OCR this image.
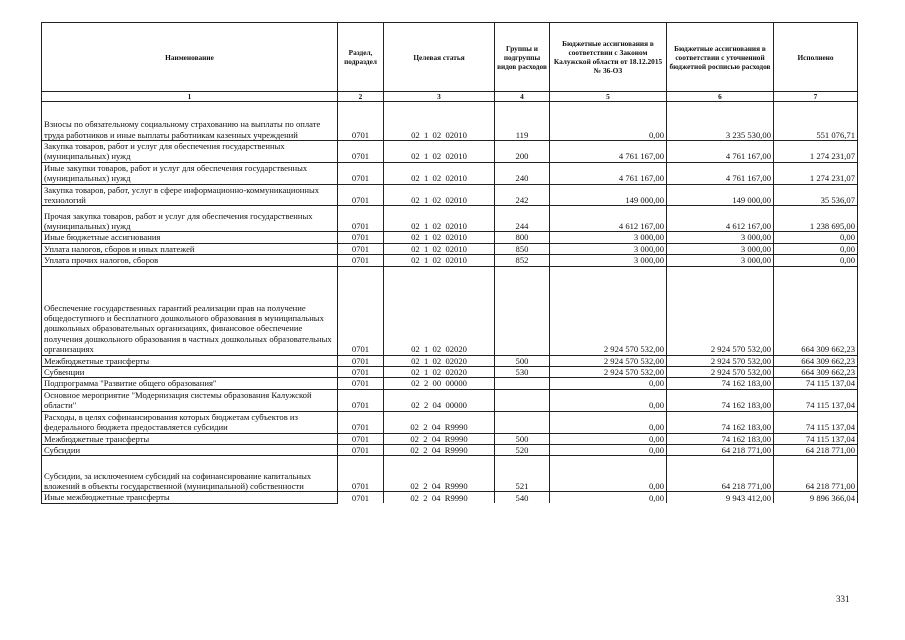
Наименование	Раздел, подраздел	Целевая статья	Группы и подгруппы видов расходов	Бюджетные ассигнования в соответствии с Законом Калужской области от 18.12.2015 № 36-ОЗ	Бюджетные ассигнования в соответствии с уточненной бюджетной росписью расходов	Исполнено
1	2	3	4	5	6	7
Взносы по обязательному социальному страхованию на выплаты по оплате труда работников и иные выплаты работникам казенных учреждений	0701	02  1  02  02010	119	0,00	3 235 530,00	551 076,71
Закупка товаров, работ и услуг для обеспечения государственных (муниципальных) нужд	0701	02  1  02  02010	200	4 761 167,00	4 761 167,00	1 274 231,07
Иные закупки товаров, работ и услуг для обеспечения государственных (муниципальных) нужд	0701	02  1  02  02010	240	4 761 167,00	4 761 167,00	1 274 231,07
Закупка товаров, работ, услуг в сфере информационно-коммуникационных технологий	0701	02  1  02  02010	242	149 000,00	149 000,00	35 536,07
Прочая закупка товаров, работ и услуг для обеспечения государственных (муниципальных) нужд	0701	02  1  02  02010	244	4 612 167,00	4 612 167,00	1 238 695,00
Иные бюджетные ассигнования	0701	02  1  02  02010	800	3 000,00	3 000,00	0,00
Уплата налогов, сборов и иных платежей	0701	02  1  02  02010	850	3 000,00	3 000,00	0,00
Уплата прочих налогов, сборов	0701	02  1  02  02010	852	3 000,00	3 000,00	0,00
Обеспечение государственных гарантий реализации прав на получение общедоступного и бесплатного дошкольного образования в муниципальных дошкольных образовательных организациях, финансовое обеспечение получения дошкольного образования в частных дошкольных образовательных организациях	0701	02  1  02  02020		2 924 570 532,00	2 924 570 532,00	664 309 662,23
Межбюджетные трансферты	0701	02  1  02  02020	500	2 924 570 532,00	2 924 570 532,00	664 309 662,23
Субвенции	0701	02  1  02  02020	530	2 924 570 532,00	2 924 570 532,00	664 309 662,23
Подпрограмма "Развитие общего образования"	0701	02  2  00  00000		0,00	74 162 183,00	74 115 137,04
Основное мероприятие "Модернизация системы образования Калужской области"	0701	02  2  04  00000		0,00	74 162 183,00	74 115 137,04
Расходы, в целях софинансирования которых бюджетам субъектов из федерального бюджета предоставляется субсидии	0701	02  2  04  R9990		0,00	74 162 183,00	74 115 137,04
Межбюджетные трансферты	0701	02  2  04  R9990	500	0,00	74 162 183,00	74 115 137,04
Субсидии	0701	02  2  04  R9990	520	0,00	64 218 771,00	64 218 771,00
Субсидии, за исключением субсидий на софинансирование капитальных вложений в объекты государственной (муниципальной) собственности	0701	02  2  04  R9990	521	0,00	64 218 771,00	64 218 771,00
Иные межбюджетные трансферты	0701	02  2  04  R9990	540	0,00	9 943 412,00	9 896 366,04
331
